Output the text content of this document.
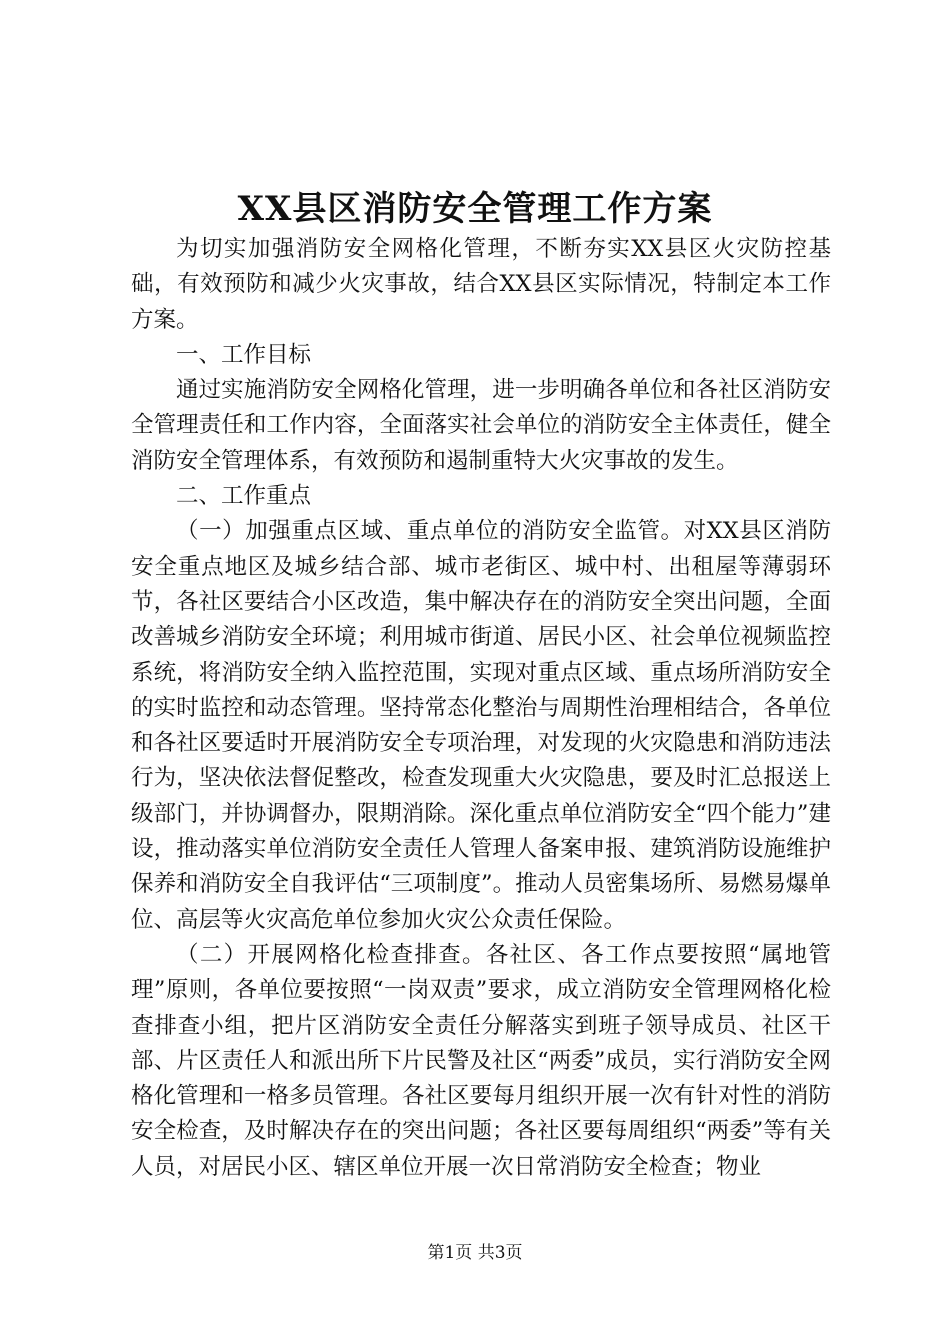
XX县区消防安全管理工作方案

为切实加强消防安全网格化管理，不断夯实XX县区火灾防控基础，有效预防和减少火灾事故，结合XX县区实际情况，特制定本工作方案。

一、工作目标

通过实施消防安全网格化管理，进一步明确各单位和各社区消防安全管理责任和工作内容，全面落实社会单位的消防安全主体责任，健全消防安全管理体系，有效预防和遏制重特大火灾事故的发生。

二、工作重点

（一）加强重点区域、重点单位的消防安全监管。对XX县区消防安全重点地区及城乡结合部、城市老街区、城中村、出租屋等薄弱环节，各社区要结合小区改造，集中解决存在的消防安全突出问题，全面改善城乡消防安全环境；利用城市街道、居民小区、社会单位视频监控系统，将消防安全纳入监控范围，实现对重点区域、重点场所消防安全的实时监控和动态管理。坚持常态化整治与周期性治理相结合，各单位和各社区要适时开展消防安全专项治理，对发现的火灾隐患和消防违法行为，坚决依法督促整改，检查发现重大火灾隐患，要及时汇总报送上级部门，并协调督办，限期消除。深化重点单位消防安全“四个能力”建设，推动落实单位消防安全责任人管理人备案申报、建筑消防设施维护保养和消防安全自我评估“三项制度”。推动人员密集场所、易燃易爆单位、高层等火灾高危单位参加火灾公众责任保险。

（二）开展网格化检查排查。各社区、各工作点要按照“属地管理”原则，各单位要按照“一岗双责”要求，成立消防安全管理网格化检查排查小组，把片区消防安全责任分解落实到班子领导成员、社区干部、片区责任人和派出所下片民警及社区“两委”成员，实行消防安全网格化管理和一格多员管理。各社区要每月组织开展一次有针对性的消防安全检查，及时解决存在的突出问题；各社区要每周组织“两委”等有关人员，对居民小区、辖区单位开展一次日常消防安全检查；物业

第1页 共3页
